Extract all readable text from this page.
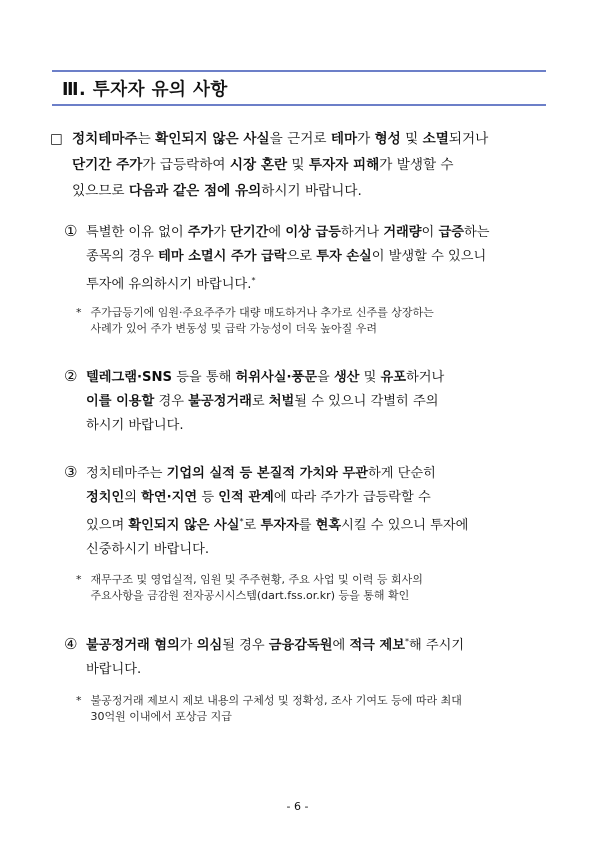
Ⅲ. 투자자 유의 사항
□ 정치테마주는 확인되지 않은 사실을 근거로 테마가 형성 및 소멸되거나
단기간 주가가 급등락하여 시장 혼란 및 투자자 피해가 발생할 수
있으므로 다음과 같은 점에 유의하시기 바랍니다.
① 특별한 이유 없이 주가가 단기간에 이상 급등하거나 거래량이 급증하는
종목의 경우 테마 소멸시 주가 급락으로 투자 손실이 발생할 수 있으니
투자에 유의하시기 바랍니다.*
* 주가급등기에 임원·주요주주가 대량 매도하거나 추가로 신주를 상장하는
사례가 있어 주가 변동성 및 급락 가능성이 더욱 높아질 우려
② 텔레그램·SNS 등을 통해 허위사실·풍문을 생산 및 유포하거나
이를 이용할 경우 불공정거래로 처벌될 수 있으니 각별히 주의
하시기 바랍니다.
③ 정치테마주는 기업의 실적 등 본질적 가치와 무관하게 단순히
정치인의 학연·지연 등 인적 관계에 따라 주가가 급등락할 수
있으며 확인되지 않은 사실*로 투자자를 현혹시킬 수 있으니 투자에
신중하시기 바랍니다.
* 재무구조 및 영업실적, 임원 및 주주현황, 주요 사업 및 이력 등 회사의
주요사항을 금감원 전자공시시스템(dart.fss.or.kr) 등을 통해 확인
④ 불공정거래 혐의가 의심될 경우 금융감독원에 적극 제보*해 주시기
바랍니다.
* 불공정거래 제보시 제보 내용의 구체성 및 정확성, 조사 기여도 등에 따라 최대
30억원 이내에서 포상금 지급
- 6 -
